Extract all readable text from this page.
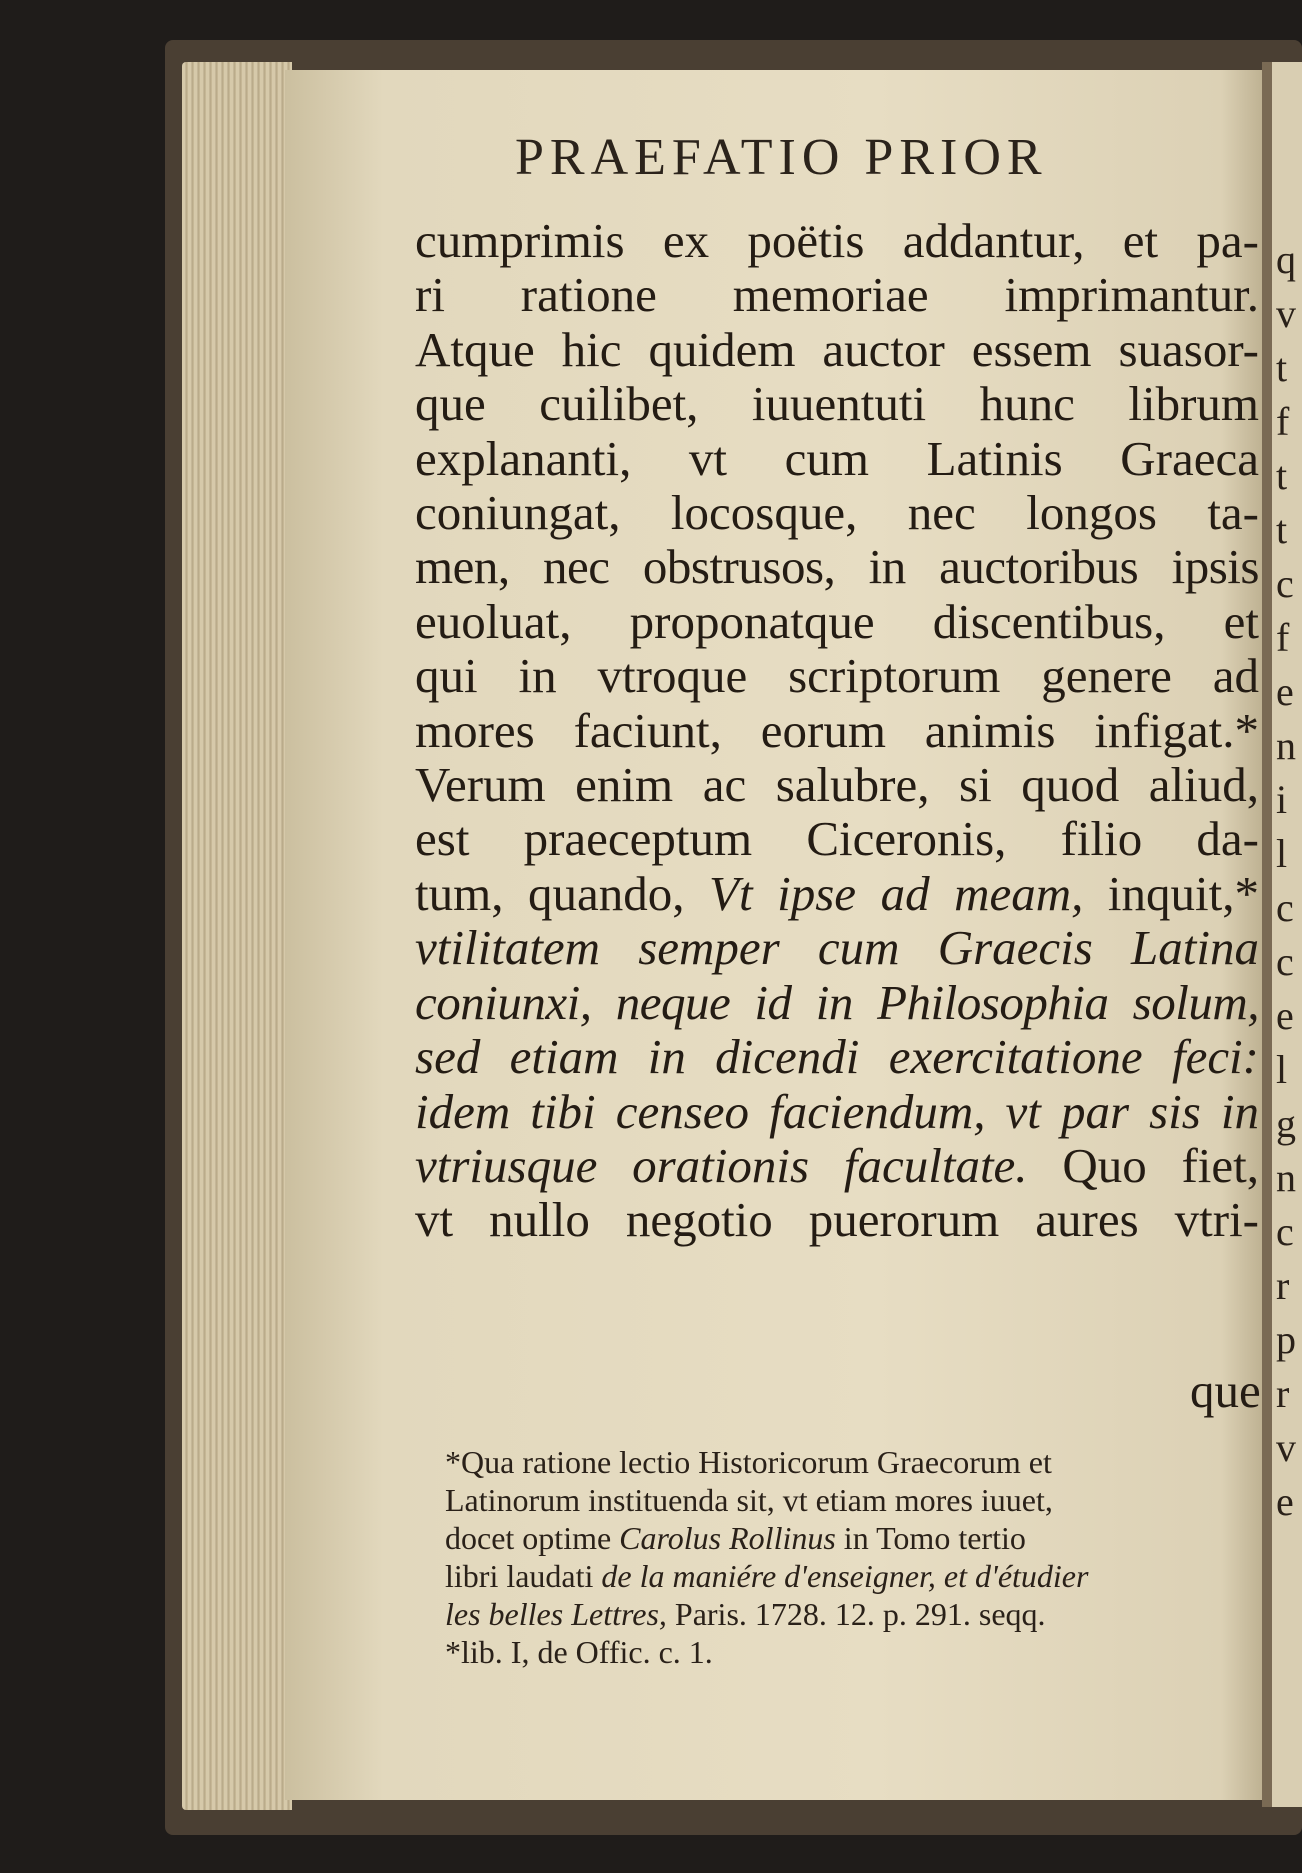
q
v
t
f
t
t
c
f
e
n
i
l
c
c
e
l
g
n
c
r
p
r
v
e
PRAEFATIO PRIOR
cumprimis ex poëtis addantur, et pa-
ri ratione memoriae imprimantur.
Atque hic quidem auctor essem suasor-
que cuilibet, iuuentuti hunc librum
explananti, vt cum Latinis Graeca
coniungat, locosque, nec longos ta-
men, nec obstrusos, in auctoribus ipsis
euoluat, proponatque discentibus, et
qui in vtroque scriptorum genere ad
mores faciunt, eorum animis infigat.*
Verum enim ac salubre, si quod aliud,
est praeceptum Ciceronis, filio da-
tum, quando, Vt ipse ad meam, inquit,*
vtilitatem semper cum Graecis Latina
coniunxi, neque id in Philosophia solum,
sed etiam in dicendi exercitatione feci:
idem tibi censeo faciendum, vt par sis in
vtriusque orationis facultate. Quo fiet,
vt nullo negotio puerorum aures vtri-
que
*Qua ratione lectio Historicorum Graecorum et
Latinorum instituenda sit, vt etiam mores iuuet,
docet optime Carolus Rollinus in Tomo tertio
libri laudati de la maniére d'enseigner, et d'étudier
les belles Lettres, Paris. 1728. 12. p. 291. seqq.
*lib. I, de Offic. c. 1.
